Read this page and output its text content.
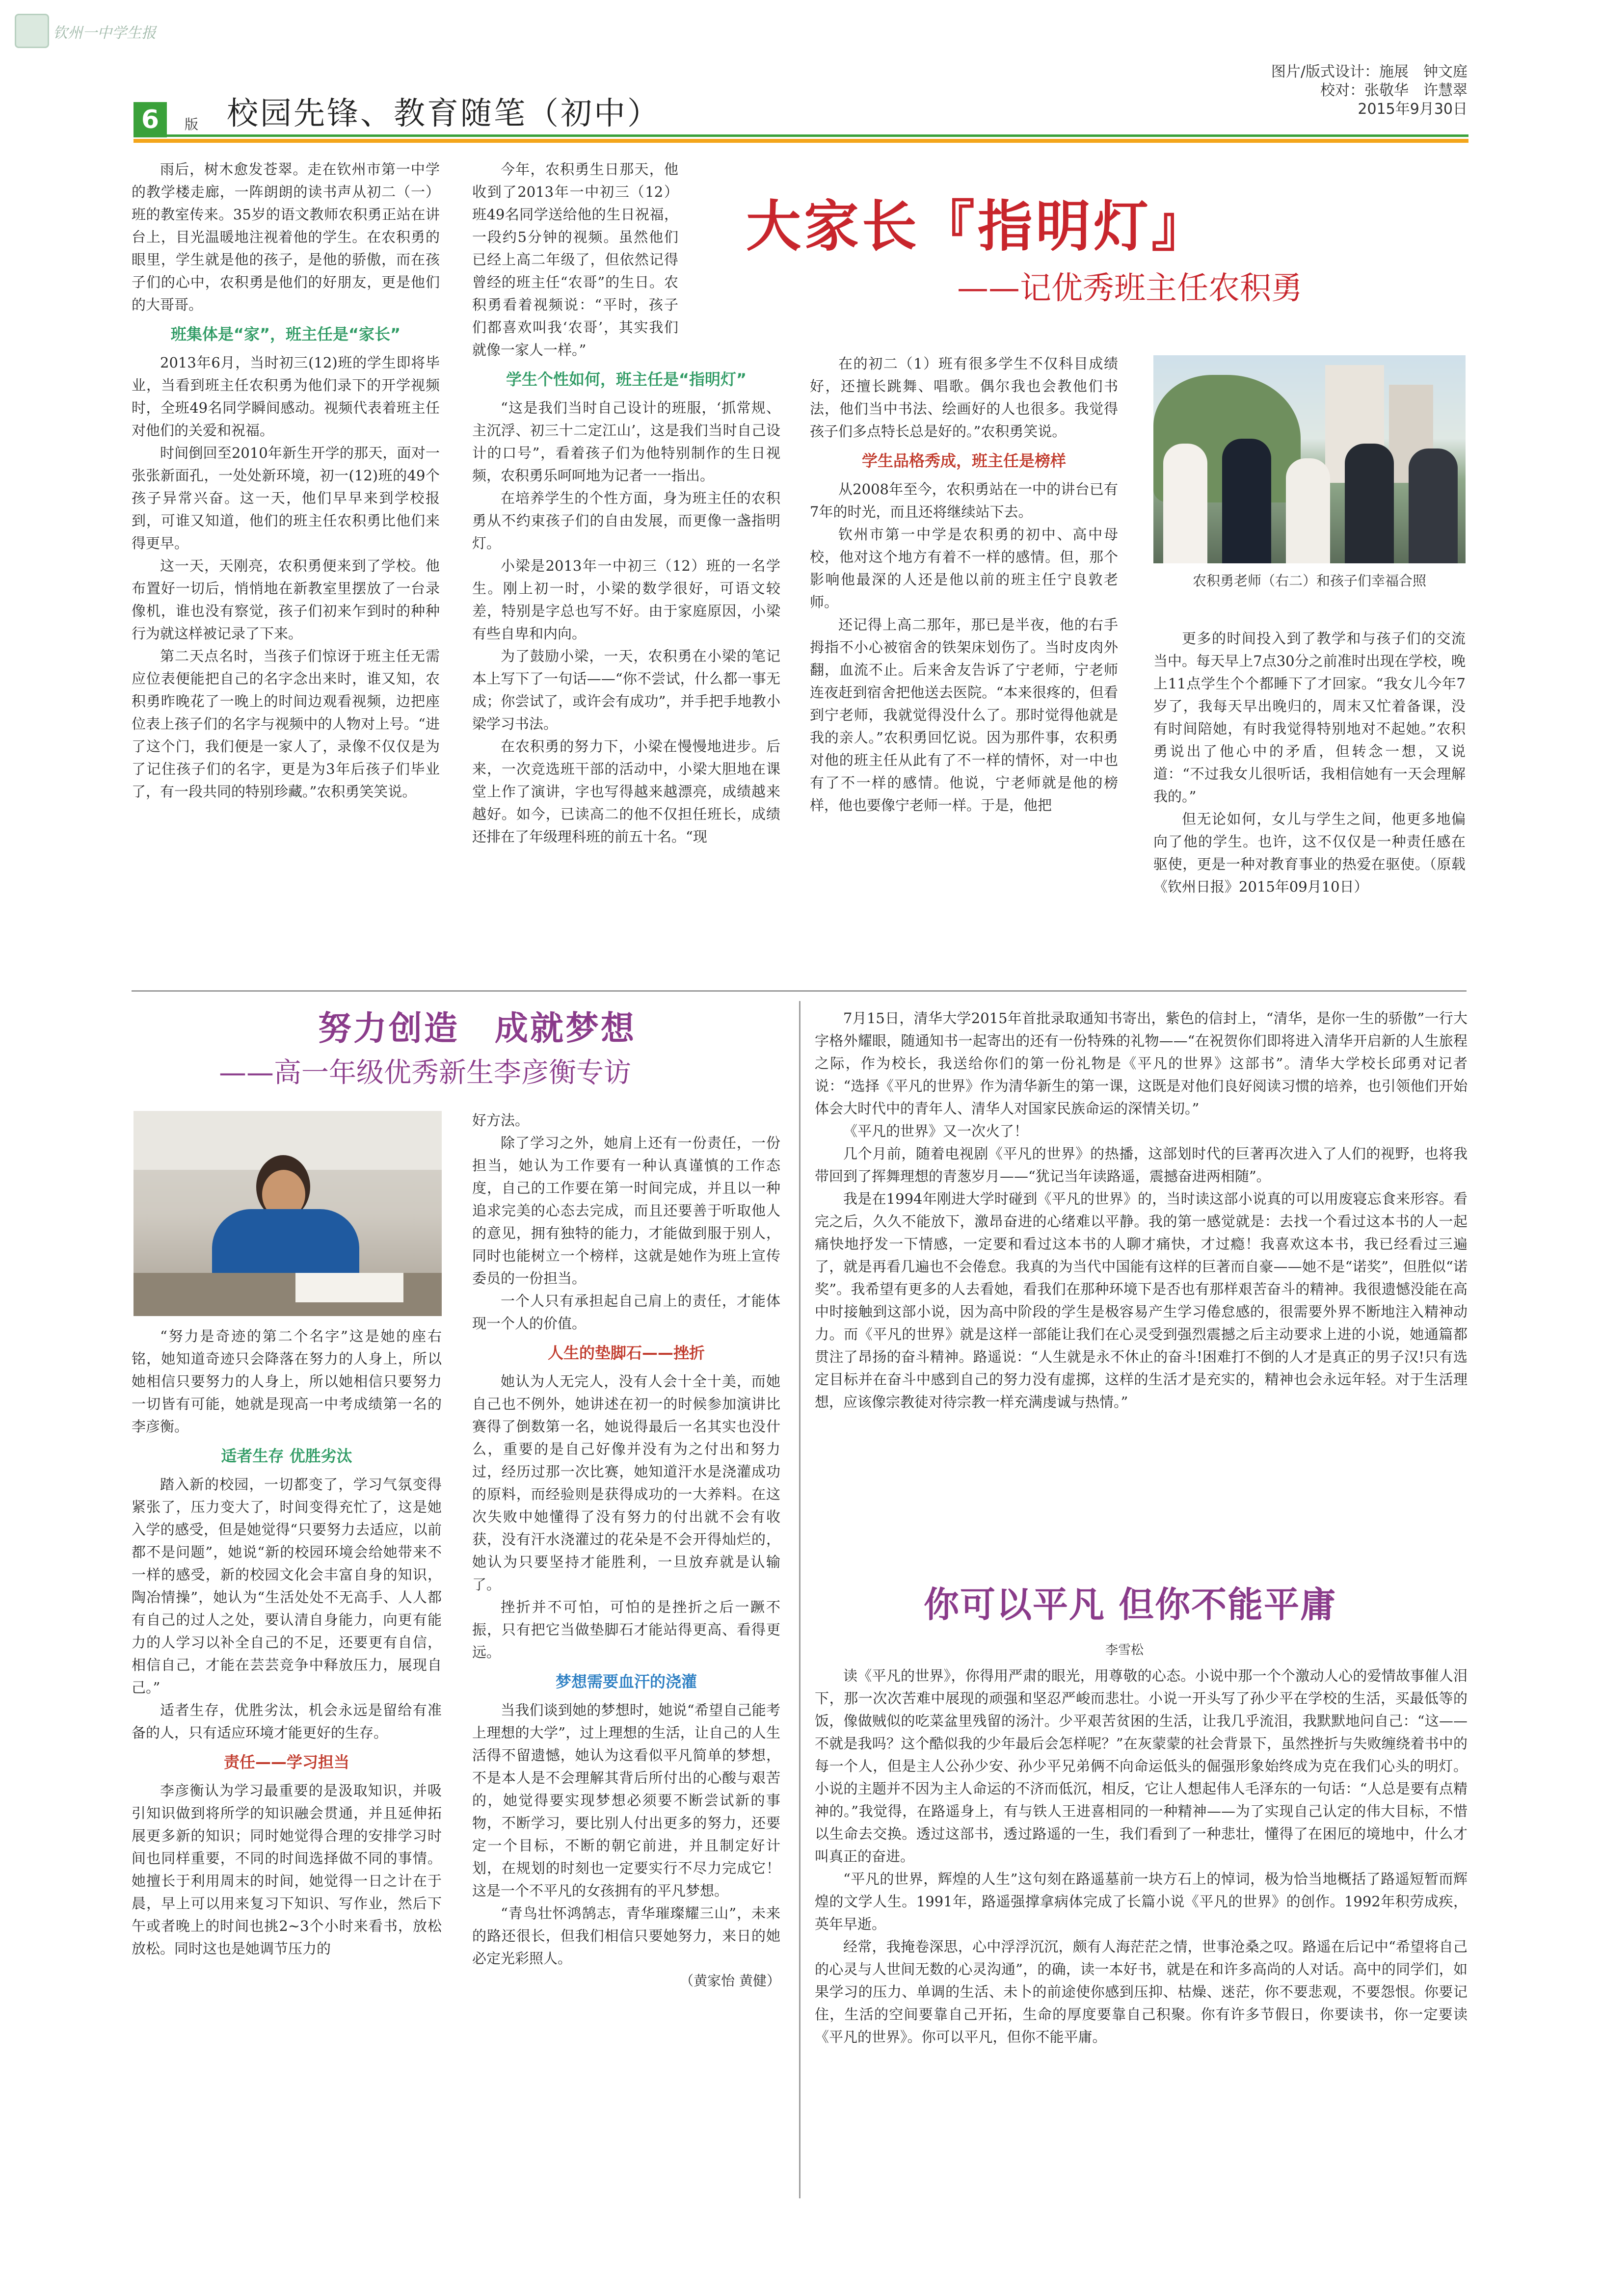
钦州一中学生报
图片/版式设计：施展　钟文庭
校对：张敬华　许慧翠
2015年9月30日
6	版 校园先锋、教育随笔（初中）
大家长『指明灯』
——记优秀班主任农积勇

雨后，树木愈发苍翠。走在钦州市第一中学的教学楼走廊，一阵朗朗的读书声从初二（一）班的教室传来。35岁的语文教师农积勇正站在讲台上，目光温暖地注视着他的学生。在农积勇的眼里，学生就是他的孩子，是他的骄傲，而在孩子们的心中，农积勇是他们的好朋友，更是他们的大哥哥。

班集体是“家”，班主任是“家长”

2013年6月，当时初三(12)班的学生即将毕业，当看到班主任农积勇为他们录下的开学视频时，全班49名同学瞬间感动。视频代表着班主任对他们的关爱和祝福。

时间倒回至2010年新生开学的那天，面对一张张新面孔，一处处新环境，初一(12)班的49个孩子异常兴奋。这一天，他们早早来到学校报到，可谁又知道，他们的班主任农积勇比他们来得更早。

这一天，天刚亮，农积勇便来到了学校。他布置好一切后，悄悄地在新教室里摆放了一台录像机，谁也没有察觉，孩子们初来乍到时的种种行为就这样被记录了下来。

第二天点名时，当孩子们惊讶于班主任无需应位表便能把自己的名字念出来时，谁又知，农积勇昨晚花了一晚上的时间边观看视频，边把座位表上孩子们的名字与视频中的人物对上号。“进了这个门，我们便是一家人了，录像不仅仅是为了记住孩子们的名字，更是为3年后孩子们毕业了，有一段共同的特别珍藏。”农积勇笑笑说。

今年，农积勇生日那天，他收到了2013年一中初三（12）班49名同学送给他的生日祝福，一段约5分钟的视频。虽然他们已经上高二年级了，但依然记得曾经的班主任“农哥”的生日。农积勇看着视频说：“平时，孩子们都喜欢叫我‘农哥’，其实我们就像一家人一样。”

学生个性如何，班主任是“指明灯”

“这是我们当时自己设计的班服，‘抓常规、主沉浮、初三十二定江山’，这是我们当时自己设计的口号”，看着孩子们为他特别制作的生日视频，农积勇乐呵呵地为记者一一指出。

在培养学生的个性方面，身为班主任的农积勇从不约束孩子们的自由发展，而更像一盏指明灯。

小梁是2013年一中初三（12）班的一名学生。刚上初一时，小梁的数学很好，可语文较差，特别是字总也写不好。由于家庭原因，小梁有些自卑和内向。

为了鼓励小梁，一天，农积勇在小梁的笔记本上写下了一句话——“你不尝试，什么都一事无成；你尝试了，或许会有成功”，并手把手地教小梁学习书法。

在农积勇的努力下，小梁在慢慢地进步。后来，一次竞选班干部的活动中，小梁大胆地在课堂上作了演讲，字也写得越来越漂亮，成绩越来越好。如今，已读高二的他不仅担任班长，成绩还排在了年级理科班的前五十名。“现

在的初二（1）班有很多学生不仅科目成绩好，还擅长跳舞、唱歌。偶尔我也会教他们书法，他们当中书法、绘画好的人也很多。我觉得孩子们多点特长总是好的。”农积勇笑说。

学生品格秀成，班主任是榜样

从2008年至今，农积勇站在一中的讲台已有7年的时光，而且还将继续站下去。

钦州市第一中学是农积勇的初中、高中母校，他对这个地方有着不一样的感情。但，那个影响他最深的人还是他以前的班主任宁良敦老师。

还记得上高二那年，那已是半夜，他的右手拇指不小心被宿舍的铁架床划伤了。当时皮肉外翻，血流不止。后来舍友告诉了宁老师，宁老师连夜赶到宿舍把他送去医院。“本来很疼的，但看到宁老师，我就觉得没什么了。那时觉得他就是我的亲人。”农积勇回忆说。因为那件事，农积勇对他的班主任从此有了不一样的情怀，对一中也有了不一样的感情。他说，宁老师就是他的榜样，他也要像宁老师一样。于是，他把

农积勇老师（右二）和孩子们幸福合照

更多的时间投入到了教学和与孩子们的交流当中。每天早上7点30分之前准时出现在学校，晚上11点学生个个都睡下了才回家。“我女儿今年7岁了，我每天早出晚归的，周末又忙着备课，没有时间陪她，有时我觉得特别地对不起她。”农积勇说出了他心中的矛盾，但转念一想，又说道：“不过我女儿很听话，我相信她有一天会理解我的。”

但无论如何，女儿与学生之间，他更多地偏向了他的学生。也许，这不仅仅是一种责任感在驱使，更是一种对教育事业的热爱在驱使。（原载《钦州日报》2015年09月10日）

努力创造　成就梦想
——高一年级优秀新生李彦衡专访

“努力是奇迹的第二个名字”这是她的座右铭，她知道奇迹只会降落在努力的人身上，所以她相信只要努力的人身上，所以她相信只要努力一切皆有可能，她就是现高一中考成绩第一名的李彦衡。

适者生存 优胜劣汰

踏入新的校园，一切都变了，学习气氛变得紧张了，压力变大了，时间变得充忙了，这是她入学的感受，但是她觉得“只要努力去适应，以前都不是问题”，她说“新的校园环境会给她带来不一样的感受，新的校园文化会丰富自身的知识，陶冶情操”，她认为“生活处处不无高手、人人都有自己的过人之处，要认清自身能力，向更有能力的人学习以补全自己的不足，还要更有自信，相信自己，才能在芸芸竞争中释放压力，展现自己。”

适者生存，优胜劣汰，机会永远是留给有准备的人，只有适应环境才能更好的生存。

责任——学习担当

李彦衡认为学习最重要的是汲取知识，并吸引知识做到将所学的知识融会贯通，并且延伸拓展更多新的知识；同时她觉得合理的安排学习时间也同样重要，不同的时间选择做不同的事情。她擅长于利用周末的时间，她觉得一日之计在于晨，早上可以用来复习下知识、写作业，然后下午或者晚上的时间也挑2~3个小时来看书，放松放松。同时这也是她调节压力的

好方法。

除了学习之外，她肩上还有一份责任，一份担当，她认为工作要有一种认真谨慎的工作态度，自己的工作要在第一时间完成，并且以一种追求完美的心态去完成，而且还要善于听取他人的意见，拥有独特的能力，才能做到服于别人，同时也能树立一个榜样，这就是她作为班上宣传委员的一份担当。

一个人只有承担起自己肩上的责任，才能体现一个人的价值。

人生的垫脚石——挫折

她认为人无完人，没有人会十全十美，而她自己也不例外，她讲述在初一的时候参加演讲比赛得了倒数第一名，她说得最后一名其实也没什么，重要的是自己好像并没有为之付出和努力过，经历过那一次比赛，她知道汗水是浇灌成功的原料，而经验则是获得成功的一大养料。在这次失败中她懂得了没有努力的付出就不会有收获，没有汗水浇灌过的花朵是不会开得灿烂的，她认为只要坚持才能胜利，一旦放弃就是认输了。

挫折并不可怕，可怕的是挫折之后一蹶不振，只有把它当做垫脚石才能站得更高、看得更远。

梦想需要血汗的浇灌

当我们谈到她的梦想时，她说“希望自己能考上理想的大学”，过上理想的生活，让自己的人生活得不留遗憾，她认为这看似平凡简单的梦想，不是本人是不会理解其背后所付出的心酸与艰苦的，她觉得要实现梦想必须要不断尝试新的事物，不断学习，要比别人付出更多的努力，还要定一个目标，不断的朝它前进，并且制定好计划，在规划的时刻也一定要实行不尽力完成它！这是一个不平凡的女孩拥有的平凡梦想。

“青鸟壮怀鸿鹄志，青华璀璨耀三山”，未来的路还很长，但我们相信只要她努力，来日的她必定光彩照人。

（黄家怡 黄健）

7月15日，清华大学2015年首批录取通知书寄出，紫色的信封上，“清华，是你一生的骄傲”一行大字格外耀眼，随通知书一起寄出的还有一份特殊的礼物——“在祝贺你们即将进入清华开启新的人生旅程之际，作为校长，我送给你们的第一份礼物是《平凡的世界》这部书”。清华大学校长邱勇对记者说：“选择《平凡的世界》作为清华新生的第一课，这既是对他们良好阅读习惯的培养，也引领他们开始体会大时代中的青年人、清华人对国家民族命运的深情关切。”

《平凡的世界》又一次火了！

几个月前，随着电视剧《平凡的世界》的热播，这部划时代的巨著再次进入了人们的视野，也将我带回到了挥舞理想的青葱岁月——“犹记当年读路遥，震撼奋进两相随”。

我是在1994年刚进大学时碰到《平凡的世界》的，当时读这部小说真的可以用废寝忘食来形容。看完之后，久久不能放下，激昂奋进的心绪难以平静。我的第一感觉就是：去找一个看过这本书的人一起痛快地抒发一下情感，一定要和看过这本书的人聊才痛快，才过瘾！我喜欢这本书，我已经看过三遍了，就是再看几遍也不会倦怠。我真的为当代中国能有这样的巨著而自豪——她不是“诺奖”，但胜似“诺奖”。我希望有更多的人去看她，看我们在那种环境下是否也有那样艰苦奋斗的精神。我很遗憾没能在高中时接触到这部小说，因为高中阶段的学生是极容易产生学习倦怠感的，很需要外界不断地注入精神动力。而《平凡的世界》就是这样一部能让我们在心灵受到强烈震撼之后主动要求上进的小说，她通篇都贯注了昂扬的奋斗精神。路遥说：“人生就是永不休止的奋斗!困难打不倒的人才是真正的男子汉!只有选定目标并在奋斗中感到自己的努力没有虚掷，这样的生活才是充实的，精神也会永远年轻。对于生活理想，应该像宗教徒对待宗教一样充满虔诚与热情。”

你可以平凡 但你不能平庸
李雪松

读《平凡的世界》，你得用严肃的眼光，用尊敬的心态。小说中那一个个激动人心的爱情故事催人泪下，那一次次苦难中展现的顽强和坚忍严峻而悲壮。小说一开头写了孙少平在学校的生活，买最低等的饭，像做贼似的吃菜盆里残留的汤汁。少平艰苦贫困的生活，让我几乎流泪，我默默地问自己：“这——不就是我吗？这个酷似我的少年最后会怎样呢？”在灰蒙蒙的社会背景下，虽然挫折与失败缠绕着书中的每一个人，但是主人公孙少安、孙少平兄弟俩不向命运低头的倔强形象始终成为克在我们心头的明灯。小说的主题并不因为主人命运的不济而低沉，相反，它让人想起伟人毛泽东的一句话：“人总是要有点精神的。”我觉得，在路遥身上，有与铁人王进喜相同的一种精神——为了实现自己认定的伟大目标，不惜以生命去交换。透过这部书，透过路遥的一生，我们看到了一种悲壮，懂得了在困厄的境地中，什么才叫真正的奋进。

“平凡的世界，辉煌的人生”这句刻在路遥墓前一块方石上的悼词，极为恰当地概括了路遥短暂而辉煌的文学人生。1991年，路遥强撑拿病体完成了长篇小说《平凡的世界》的创作。1992年积劳成疾，英年早逝。

经常，我掩卷深思，心中浮浮沉沉，颇有人海茫茫之情，世事沧桑之叹。路遥在后记中“希望将自己的心灵与人世间无数的心灵沟通”，的确，读一本好书，就是在和许多高尚的人对话。高中的同学们，如果学习的压力、单调的生活、未卜的前途使你感到压抑、枯燥、迷茫，你不要悲观，不要怨恨。你要记住，生活的空间要靠自己开拓，生命的厚度要靠自己积聚。你有许多节假日，你要读书，你一定要读《平凡的世界》。你可以平凡，但你不能平庸。
